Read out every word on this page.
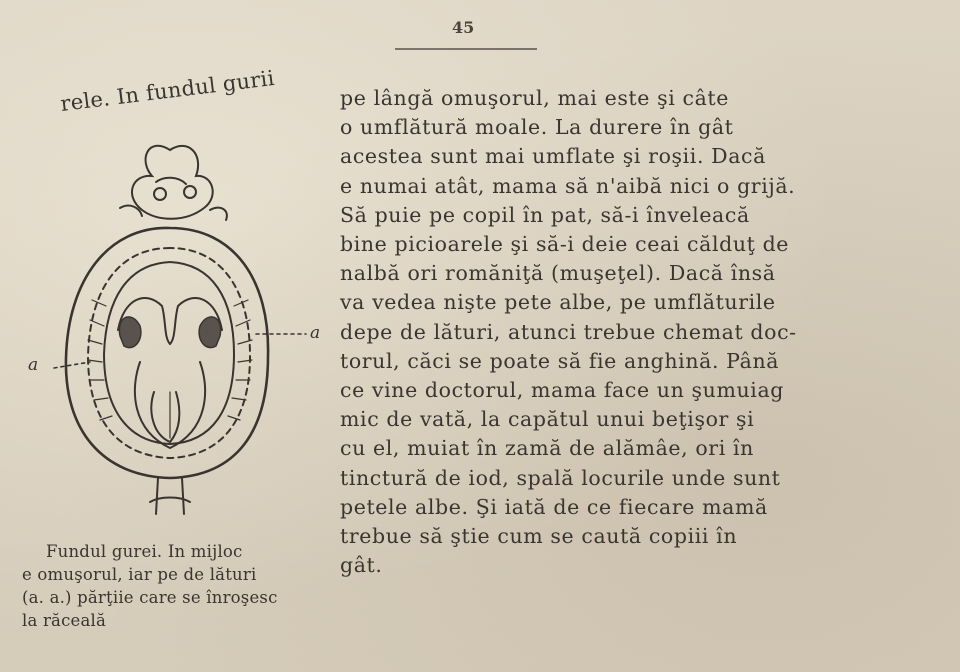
45
rele. In fundul gurii
a
a
pe lângă omuşorul, mai este şi câte
o umflătură moale. La durere în gât
acestea sunt mai umflate şi roşii. Dacă
e numai atât, mama să n'aibă nici o grijă.
Să puie pe copil în pat, să-i înveleacă
bine picioarele şi să-i deie ceai călduţ de
nalbă ori romăniţă (muşeţel). Dacă însă
va vedea nişte pete albe, pe umflăturile
depe de lături, atunci trebue chemat doc-
torul, căci se poate să fie anghină. Până
ce vine doctorul, mama face un şumuiag
mic de vată, la capătul unui beţişor şi
cu el, muiat în zamă de alămâe, ori în
tinctură de iod, spală locurile unde sunt
petele albe. Şi iată de ce fiecare mamă
trebue să ştie cum se caută copiii în
gât.
Fundul gurei. In mijloc
e omuşorul, iar pe de lături
(a. a.) părţiie care se înroşesc
la răceală
